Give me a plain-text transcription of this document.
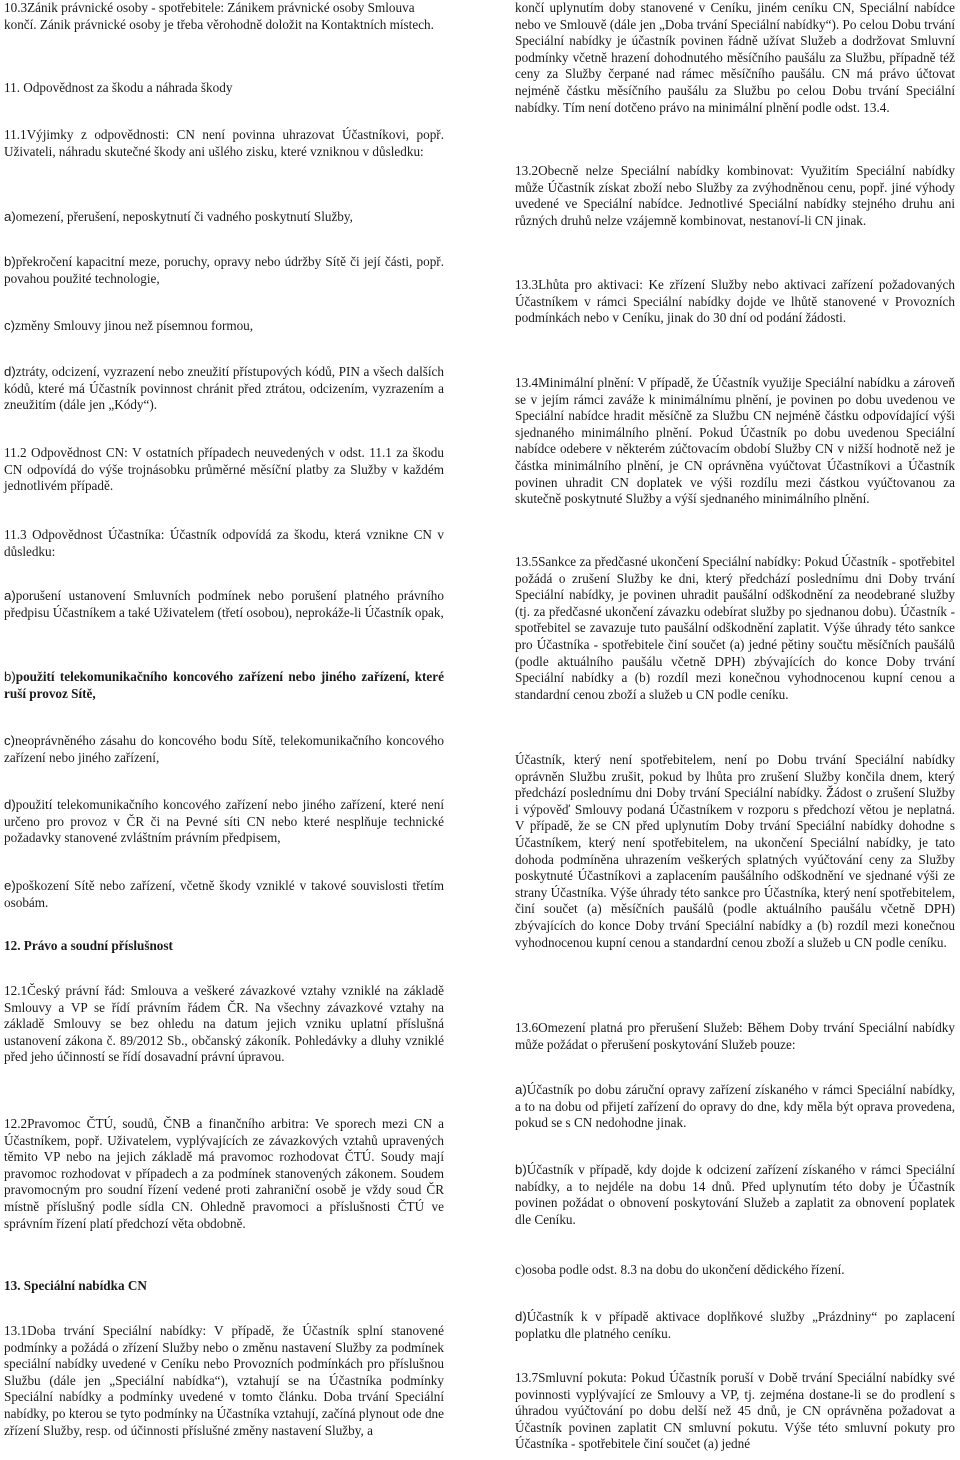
10.3Zánik právnické osoby - spotřebitele: Zánikem právnické osoby Smlouva končí. Zánik právnické osoby je třeba věrohodně doložit na Kontaktních místech.

11. Odpovědnost za škodu a náhrada škody

11.1Výjimky z odpovědnosti: CN není povinna uhrazovat Účastníkovi, popř. Uživateli, náhradu skutečné škody ani ušlého zisku, které vzniknou v důsledku:

a)omezení, přerušení, neposkytnutí či vadného poskytnutí Služby,

b)překročení kapacitní meze, poruchy, opravy nebo údržby Sítě či její části, popř. povahou použité technologie,

c)změny Smlouvy jinou než písemnou formou,

d)ztráty, odcizení, vyzrazení nebo zneužití přístupových kódů, PIN a všech dalších kódů, které má Účastník povinnost chránit před ztrátou, odcizením, vyzrazením a zneužitím (dále jen „Kódy“).

11.2 Odpovědnost CN: V ostatních případech neuvedených v odst. 11.1 za škodu CN odpovídá do výše trojnásobku průměrné měsíční platby za Služby v každém jednotlivém případě.

11.3 Odpovědnost Účastníka: Účastník odpovídá za škodu, která vznikne CN v důsledku:

a)porušení ustanovení Smluvních podmínek nebo porušení platného právního předpisu Účastníkem a také Uživatelem (třetí osobou), neprokáže-li Účastník opak,

b)použití telekomunikačního koncového zařízení nebo jiného zařízení, které ruší provoz Sítě,

c)neoprávněného zásahu do koncového bodu Sítě, telekomunikačního koncového zařízení nebo jiného zařízení,

d)použití telekomunikačního koncového zařízení nebo jiného zařízení, které není určeno pro provoz v ČR či na Pevné síti CN nebo které nesplňuje technické požadavky stanovené zvláštním právním předpisem,

e)poškození Sítě nebo zařízení, včetně škody vzniklé v takové souvislosti třetím osobám.

12. Právo a soudní příslušnost

12.1Český právní řád: Smlouva a veškeré závazkové vztahy vzniklé na základě Smlouvy a VP se řídí právním řádem ČR. Na všechny závazkové vztahy na základě Smlouvy se bez ohledu na datum jejich vzniku uplatní příslušná ustanovení zákona č. 89/2012 Sb., občanský zákoník. Pohledávky a dluhy vzniklé před jeho účinností se řídí dosavadní právní úpravou.

12.2Pravomoc ČTÚ, soudů, ČNB a finančního arbitra: Ve sporech mezi CN a Účastníkem, popř. Uživatelem, vyplývajících ze závazkových vztahů upravených těmito VP nebo na jejich základě má pravomoc rozhodovat ČTÚ. Soudy mají pravomoc rozhodovat v případech a za podmínek stanovených zákonem. Soudem pravomocným pro soudní řízení vedené proti zahraniční osobě je vždy soud ČR místně příslušný podle sídla CN. Ohledně pravomoci a příslušnosti ČTÚ ve správním řízení platí předchozí věta obdobně.

13. Speciální nabídka CN

13.1Doba trvání Speciální nabídky: V případě, že Účastník splní stanovené podmínky a požádá o zřízení Služby nebo o změnu nastavení Služby za podmínek speciální nabídky uvedené v Ceníku nebo Provozních podmínkách pro příslušnou Službu (dále jen „Speciální nabídka“), vztahují se na Účastníka podmínky Speciální nabídky a podmínky uvedené v tomto článku. Doba trvání Speciální nabídky, po kterou se tyto podmínky na Účastníka vztahují, začíná plynout ode dne zřízení Služby, resp. od účinnosti příslušné změny nastavení Služby, a

končí uplynutím doby stanovené v Ceníku, jiném ceníku CN, Speciální nabídce nebo ve Smlouvě (dále jen „Doba trvání Speciální nabídky“). Po celou Dobu trvání Speciální nabídky je účastník povinen řádně užívat Služeb a dodržovat Smluvní podmínky včetně hrazení dohodnutého měsíčního paušálu za Službu, případně též ceny za Služby čerpané nad rámec měsíčního paušálu. CN má právo účtovat nejméně částku měsíčního paušálu za Službu po celou Dobu trvání Speciální nabídky. Tím není dotčeno právo na minimální plnění podle odst. 13.4.

13.2Obecně nelze Speciální nabídky kombinovat: Využitím Speciální nabídky může Účastník získat zboží nebo Služby za zvýhodněnou cenu, popř. jiné výhody uvedené ve Speciální nabídce. Jednotlivé Speciální nabídky stejného druhu ani různých druhů nelze vzájemně kombinovat, nestanoví-li CN jinak.

13.3Lhůta pro aktivaci: Ke zřízení Služby nebo aktivaci zařízení požadovaných Účastníkem v rámci Speciální nabídky dojde ve lhůtě stanovené v Provozních podmínkách nebo v Ceníku, jinak do 30 dní od podání žádosti.

13.4Minimální plnění: V případě, že Účastník využije Speciální nabídku a zároveň se v jejím rámci zaváže k minimálnímu plnění, je povinen po dobu uvedenou ve Speciální nabídce hradit měsíčně za Službu CN nejméně částku odpovídající výši sjednaného minimálního plnění. Pokud Účastník po dobu uvedenou Speciální nabídce odebere v některém zúčtovacím období Služby CN v nižší hodnotě než je částka minimálního plnění, je CN oprávněna vyúčtovat Účastníkovi a Účastník povinen uhradit CN doplatek ve výši rozdílu mezi částkou vyúčtovanou za skutečně poskytnuté Služby a výší sjednaného minimálního plnění.

13.5Sankce za předčasné ukončení Speciální nabídky: Pokud Účastník - spotřebitel požádá o zrušení Služby ke dni, který předchází poslednímu dni Doby trvání Speciální nabídky, je povinen uhradit paušální odškodnění za neodebrané služby (tj. za předčasné ukončení závazku odebírat služby po sjednanou dobu). Účastník - spotřebitel se zavazuje tuto paušální odškodnění zaplatit. Výše úhrady této sankce pro Účastníka - spotřebitele činí součet (a) jedné pětiny součtu měsíčních paušálů (podle aktuálního paušálu včetně DPH) zbývajících do konce Doby trvání Speciální nabídky a (b) rozdíl mezi konečnou vyhodnocenou kupní cenou a standardní cenou zboží a služeb u CN podle ceníku.

Účastník, který není spotřebitelem, není po Dobu trvání Speciální nabídky oprávněn Službu zrušit, pokud by lhůta pro zrušení Služby končila dnem, který předchází poslednímu dni Doby trvání Speciální nabídky. Žádost o zrušení Služby i výpověď Smlouvy podaná Účastníkem v rozporu s předchozí větou je neplatná. V případě, že se CN před uplynutím Doby trvání Speciální nabídky dohodne s Účastníkem, který není spotřebitelem, na ukončení Speciální nabídky, je tato dohoda podmíněna uhrazením veškerých splatných vyúčtování ceny za Služby poskytnuté Účastníkovi a zaplacením paušálního odškodnění ve sjednané výši ze strany Účastníka. Výše úhrady této sankce pro Účastníka, který není spotřebitelem, činí součet (a) měsíčních paušálů (podle aktuálního paušálu včetně DPH) zbývajících do konce Doby trvání Speciální nabídky a (b) rozdíl mezi konečnou vyhodnocenou kupní cenou a standardní cenou zboží a služeb u CN podle ceníku.

13.6Omezení platná pro přerušení Služeb: Během Doby trvání Speciální nabídky může požádat o přerušení poskytování Služeb pouze:

a)Účastník po dobu záruční opravy zařízení získaného v rámci Speciální nabídky, a to na dobu od přijetí zařízení do opravy do dne, kdy měla být oprava provedena, pokud se s CN nedohodne jinak.

b)Účastník v případě, kdy dojde k odcizení zařízení získaného v rámci Speciální nabídky, a to nejdéle na dobu 14 dnů. Před uplynutím této doby je Účastník povinen požádat o obnovení poskytování Služeb a zaplatit za obnovení poplatek dle Ceníku.

c)osoba podle odst. 8.3 na dobu do ukončení dědického řízení.

d)Účastník k v případě aktivace doplňkové služby „Prázdniny“ po zaplacení poplatku dle platného ceníku.

13.7Smluvní pokuta: Pokud Účastník poruší v Době trvání Speciální nabídky své povinnosti vyplývající ze Smlouvy a VP, tj. zejména dostane-li se do prodlení s úhradou vyúčtování po dobu delší než 45 dnů, je CN oprávněna požadovat a Účastník povinen zaplatit CN smluvní pokutu. Výše této smluvní pokuty pro Účastníka - spotřebitele činí součet (a) jedné
